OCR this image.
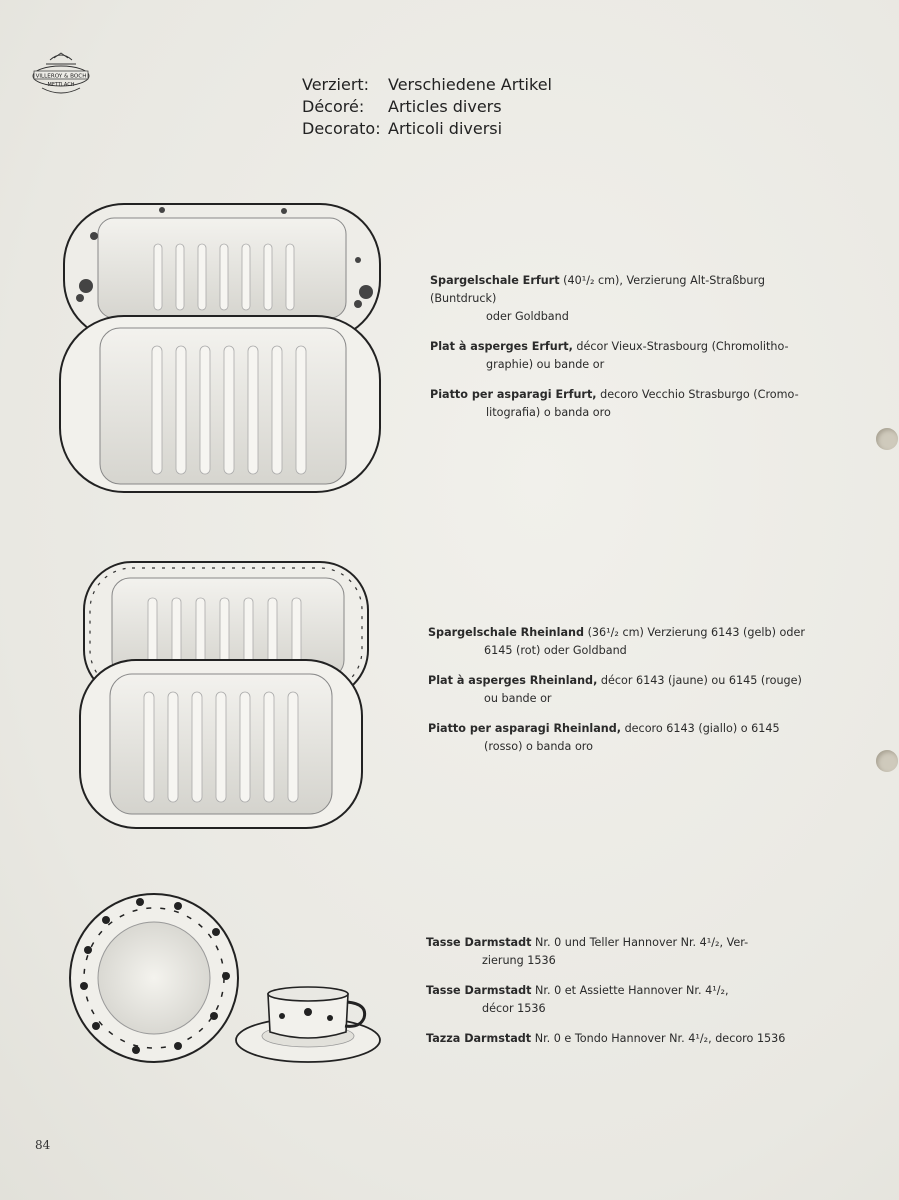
VILLEROY & BOCH
METTLACH	Verziert:	Verschiedene Artikel
Décoré:	Articles divers
Decorato: Articoli diversi

Spargelschale Erfurt (40¹/₂ cm), Verzierung Alt-Straßburg (Buntdruck)
oder Goldband

Plat à asperges Erfurt, décor Vieux-Strasbourg (Chromolitho-
graphie) ou bande or

Piatto per asparagi Erfurt, decoro Vecchio Strasburgo (Cromo-
litografia) o banda oro

Spargelschale Rheinland (36¹/₂ cm) Verzierung 6143 (gelb) oder
6145 (rot) oder Goldband

Plat à asperges Rheinland, décor 6143 (jaune) ou 6145 (rouge)
ou bande or

Piatto per asparagi Rheinland, decoro 6143 (giallo) o 6145
(rosso) o banda oro

Tasse Darmstadt Nr. 0 und Teller Hannover Nr. 4¹/₂, Ver-
zierung 1536

Tasse Darmstadt Nr. 0 et Assiette Hannover Nr. 4¹/₂,
décor 1536

Tazza Darmstadt Nr. 0 e Tondo Hannover Nr. 4¹/₂, decoro 1536

84
